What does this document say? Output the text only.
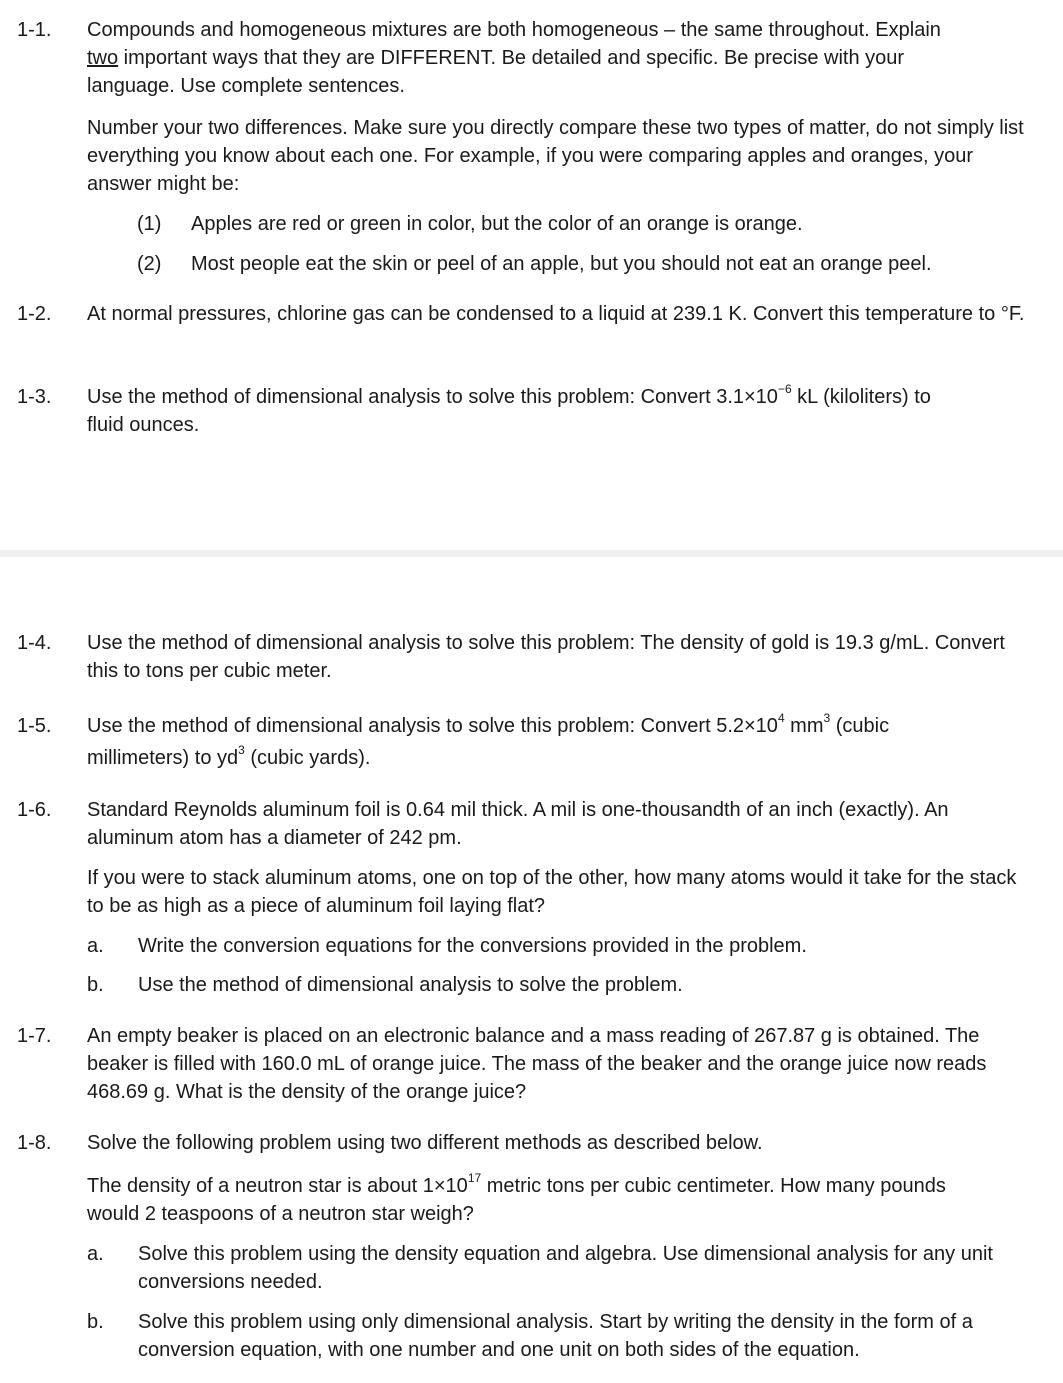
1-1. Compounds and homogeneous mixtures are both homogeneous – the same throughout. Explain
two important ways that they are DIFFERENT. Be detailed and specific. Be precise with your
language. Use complete sentences.
Number your two differences. Make sure you directly compare these two types of matter, do not simply list everything you know about each one. For example, if you were comparing apples and oranges, your answer might be:
(1) Apples are red or green in color, but the color of an orange is orange.
(2) Most people eat the skin or peel of an apple, but you should not eat an orange peel.
1-2. At normal pressures, chlorine gas can be condensed to a liquid at 239.1 K. Convert this temperature to °F.
1-3. Use the method of dimensional analysis to solve this problem: Convert $3.1\times 10^{-6}$ kL (kiloliters) to
fluid ounces.
1-4. Use the method of dimensional analysis to solve this problem: The density of gold is 19.3 g/mL. Convert this to tons per cubic meter.
1-5. Use the method of dimensional analysis to solve this problem: Convert $5.2\times 10^4$ $mm^3$ (cubic
millimeters) to $yd^3$ (cubic yards).
1-6. Standard Reynolds aluminum foil is 0.64 mil thick. A mil is one-thousandth of an inch (exactly). An aluminum atom has a diameter of 242 pm.
If you were to stack aluminum atoms, one on top of the other, how many atoms would it take for the stack to be as high as a piece of aluminum foil laying flat?
a. Write the conversion equations for the conversions provided in the problem.
b. Use the method of dimensional analysis to solve the problem.
1-7. An empty beaker is placed on an electronic balance and a mass reading of 267.87 g is obtained. The beaker is filled with 160.0 mL of orange juice. The mass of the beaker and the orange juice now reads 468.69 g. What is the density of the orange juice?
1-8. Solve the following problem using two different methods as described below.
The density of a neutron star is about $1\times 10^{17}$ metric tons per cubic centimeter. How many pounds
would 2 teaspoons of a neutron star weigh?
a. Solve this problem using the density equation and algebra. Use dimensional analysis for any unit conversions needed.
b. Solve this problem using only dimensional analysis. Start by writing the density in the form of a conversion equation, with one number and one unit on both sides of the equation.
